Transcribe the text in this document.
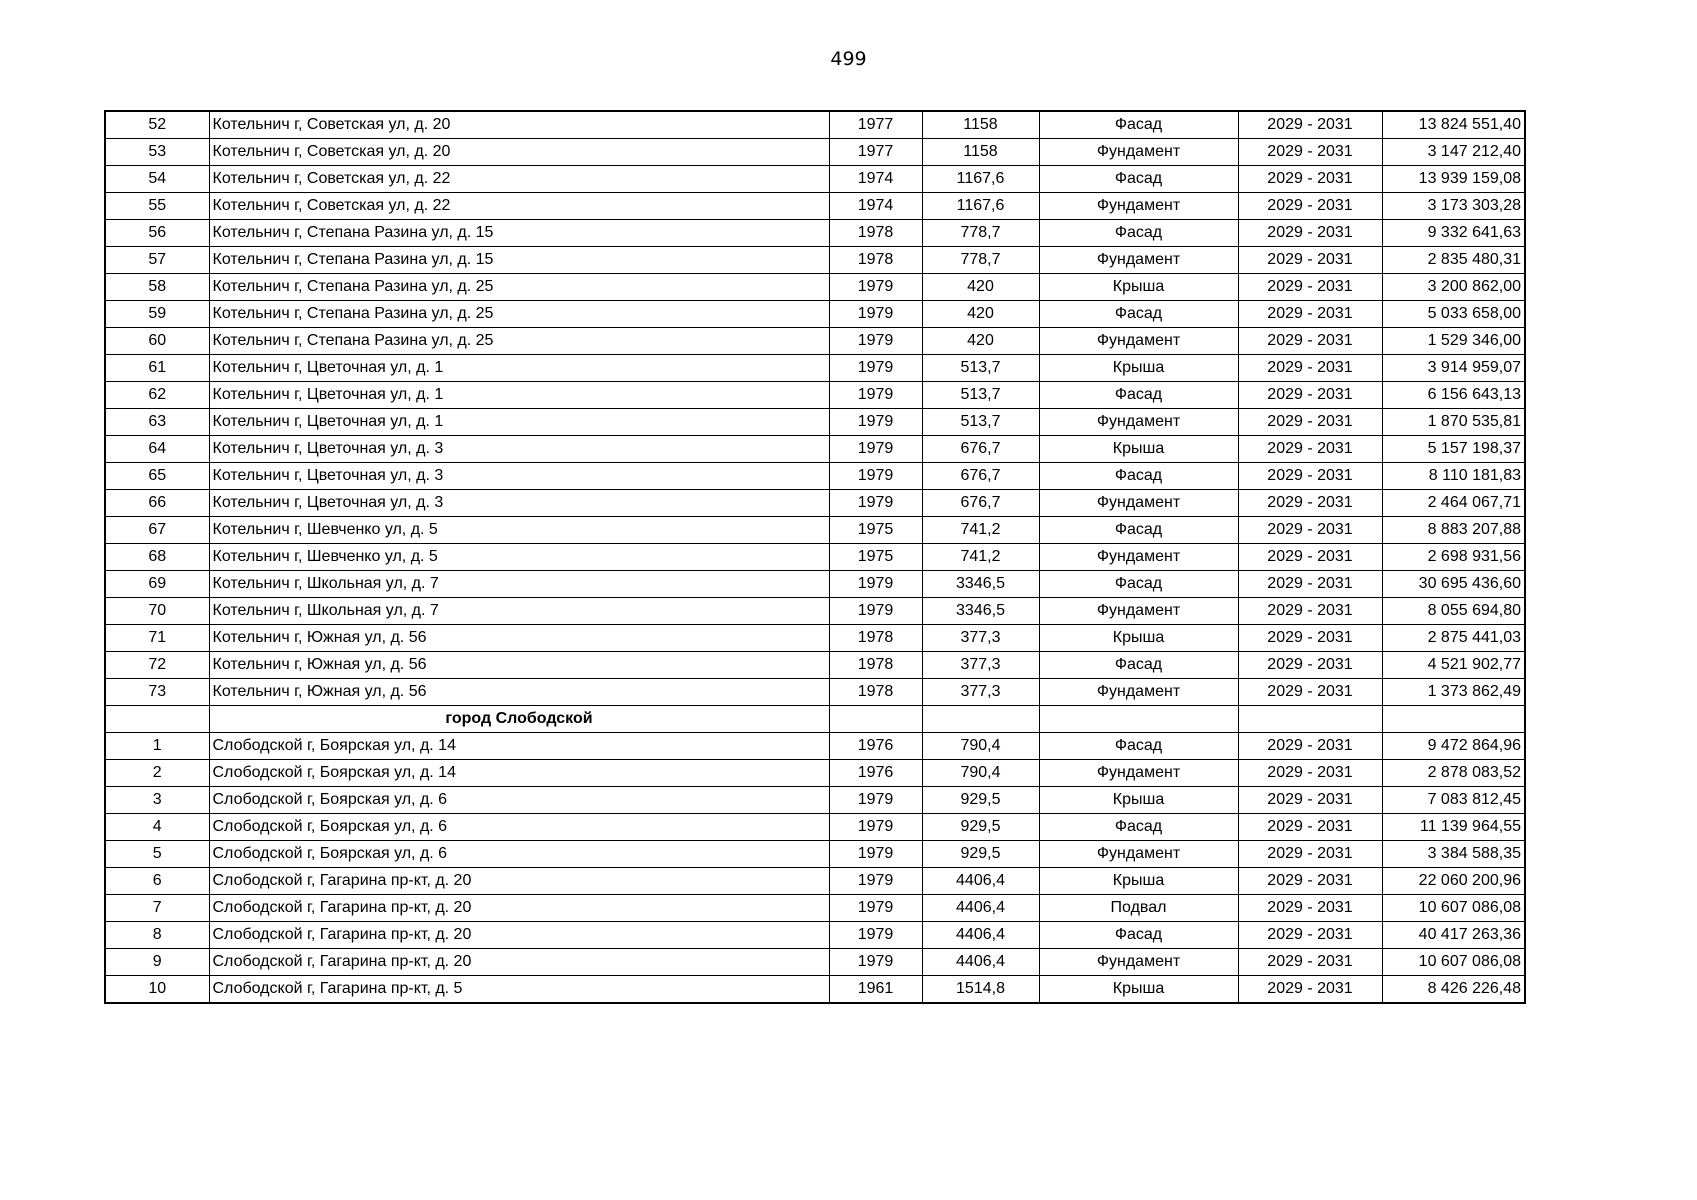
499
52	Котельнич г, Советская ул, д. 20	1977	1158	Фасад	2029 - 2031	13 824 551,40
53	Котельнич г, Советская ул, д. 20	1977	1158	Фундамент	2029 - 2031	3 147 212,40
54	Котельнич г, Советская ул, д. 22	1974	1167,6	Фасад	2029 - 2031	13 939 159,08
55	Котельнич г, Советская ул, д. 22	1974	1167,6	Фундамент	2029 - 2031	3 173 303,28
56	Котельнич г, Степана Разина ул, д. 15	1978	778,7	Фасад	2029 - 2031	9 332 641,63
57	Котельнич г, Степана Разина ул, д. 15	1978	778,7	Фундамент	2029 - 2031	2 835 480,31
58	Котельнич г, Степана Разина ул, д. 25	1979	420	Крыша	2029 - 2031	3 200 862,00
59	Котельнич г, Степана Разина ул, д. 25	1979	420	Фасад	2029 - 2031	5 033 658,00
60	Котельнич г, Степана Разина ул, д. 25	1979	420	Фундамент	2029 - 2031	1 529 346,00
61	Котельнич г, Цветочная ул, д. 1	1979	513,7	Крыша	2029 - 2031	3 914 959,07
62	Котельнич г, Цветочная ул, д. 1	1979	513,7	Фасад	2029 - 2031	6 156 643,13
63	Котельнич г, Цветочная ул, д. 1	1979	513,7	Фундамент	2029 - 2031	1 870 535,81
64	Котельнич г, Цветочная ул, д. 3	1979	676,7	Крыша	2029 - 2031	5 157 198,37
65	Котельнич г, Цветочная ул, д. 3	1979	676,7	Фасад	2029 - 2031	8 110 181,83
66	Котельнич г, Цветочная ул, д. 3	1979	676,7	Фундамент	2029 - 2031	2 464 067,71
67	Котельнич г, Шевченко ул, д. 5	1975	741,2	Фасад	2029 - 2031	8 883 207,88
68	Котельнич г, Шевченко ул, д. 5	1975	741,2	Фундамент	2029 - 2031	2 698 931,56
69	Котельнич г, Школьная ул, д. 7	1979	3346,5	Фасад	2029 - 2031	30 695 436,60
70	Котельнич г, Школьная ул, д. 7	1979	3346,5	Фундамент	2029 - 2031	8 055 694,80
71	Котельнич г, Южная ул, д. 56	1978	377,3	Крыша	2029 - 2031	2 875 441,03
72	Котельнич г, Южная ул, д. 56	1978	377,3	Фасад	2029 - 2031	4 521 902,77
73	Котельнич г, Южная ул, д. 56	1978	377,3	Фундамент	2029 - 2031	1 373 862,49
	город Слободской					
1	Слободской г, Боярская ул, д. 14	1976	790,4	Фасад	2029 - 2031	9 472 864,96
2	Слободской г, Боярская ул, д. 14	1976	790,4	Фундамент	2029 - 2031	2 878 083,52
3	Слободской г, Боярская ул, д. 6	1979	929,5	Крыша	2029 - 2031	7 083 812,45
4	Слободской г, Боярская ул, д. 6	1979	929,5	Фасад	2029 - 2031	11 139 964,55
5	Слободской г, Боярская ул, д. 6	1979	929,5	Фундамент	2029 - 2031	3 384 588,35
6	Слободской г, Гагарина пр-кт, д. 20	1979	4406,4	Крыша	2029 - 2031	22 060 200,96
7	Слободской г, Гагарина пр-кт, д. 20	1979	4406,4	Подвал	2029 - 2031	10 607 086,08
8	Слободской г, Гагарина пр-кт, д. 20	1979	4406,4	Фасад	2029 - 2031	40 417 263,36
9	Слободской г, Гагарина пр-кт, д. 20	1979	4406,4	Фундамент	2029 - 2031	10 607 086,08
10	Слободской г, Гагарина пр-кт, д. 5	1961	1514,8	Крыша	2029 - 2031	8 426 226,48
